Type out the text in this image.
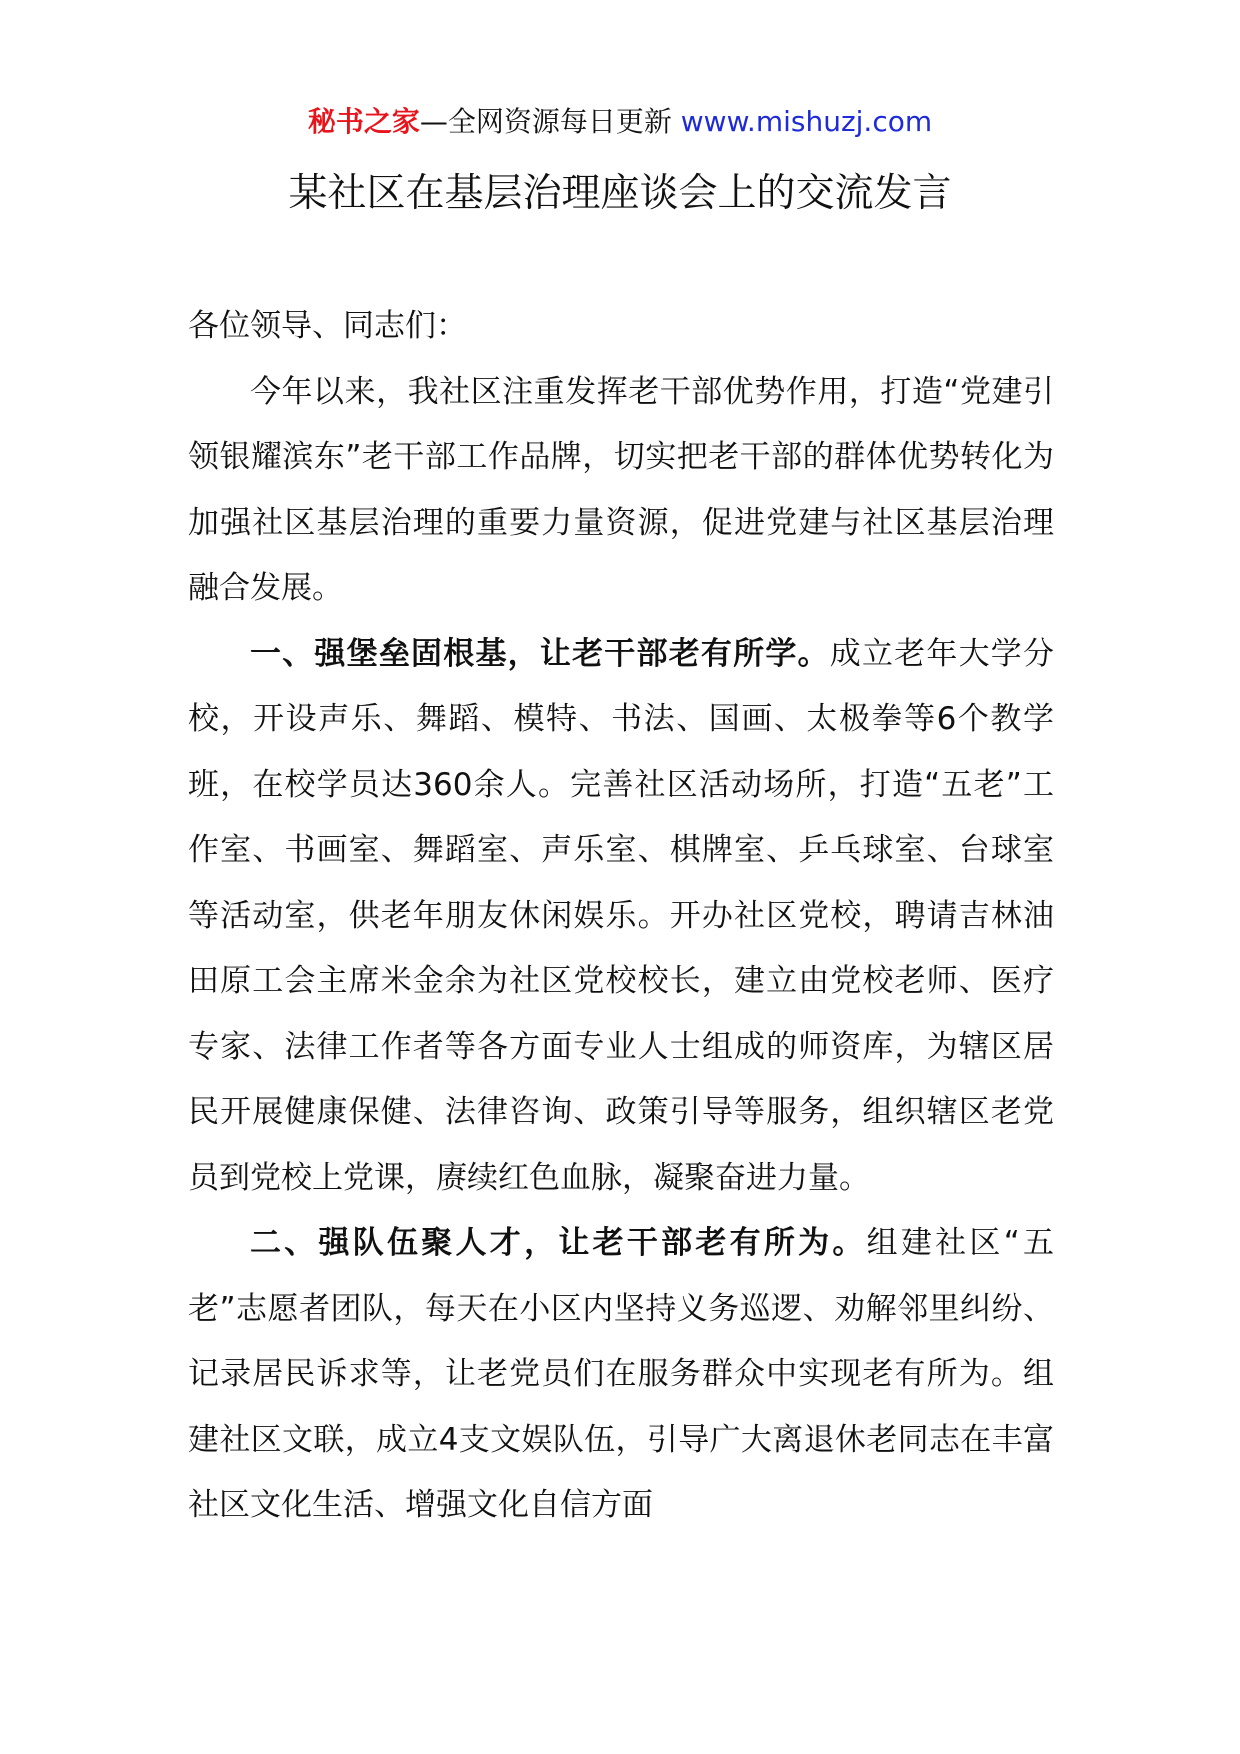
秘书之家—全网资源每日更新 www.mishuzj.com
某社区在基层治理座谈会上的交流发言

各位领导、同志们：

今年以来，我社区注重发挥老干部优势作用，打造“党建引领银耀滨东”老干部工作品牌，切实把老干部的群体优势转化为加强社区基层治理的重要力量资源，促进党建与社区基层治理融合发展。

一、强堡垒固根基，让老干部老有所学。成立老年大学分校，开设声乐、舞蹈、模特、书法、国画、太极拳等6个教学班，在校学员达360余人。完善社区活动场所，打造“五老”工作室、书画室、舞蹈室、声乐室、棋牌室、乒乓球室、台球室等活动室，供老年朋友休闲娱乐。开办社区党校，聘请吉林油田原工会主席米金余为社区党校校长，建立由党校老师、医疗专家、法律工作者等各方面专业人士组成的师资库，为辖区居民开展健康保健、法律咨询、政策引导等服务，组织辖区老党员到党校上党课，赓续红色血脉，凝聚奋进力量。

二、强队伍聚人才，让老干部老有所为。组建社区“五老”志愿者团队，每天在小区内坚持义务巡逻、劝解邻里纠纷、记录居民诉求等，让老党员们在服务群众中实现老有所为。组建社区文联，成立4支文娱队伍，引导广大离退休老同志在丰富社区文化生活、增强文化自信方面
